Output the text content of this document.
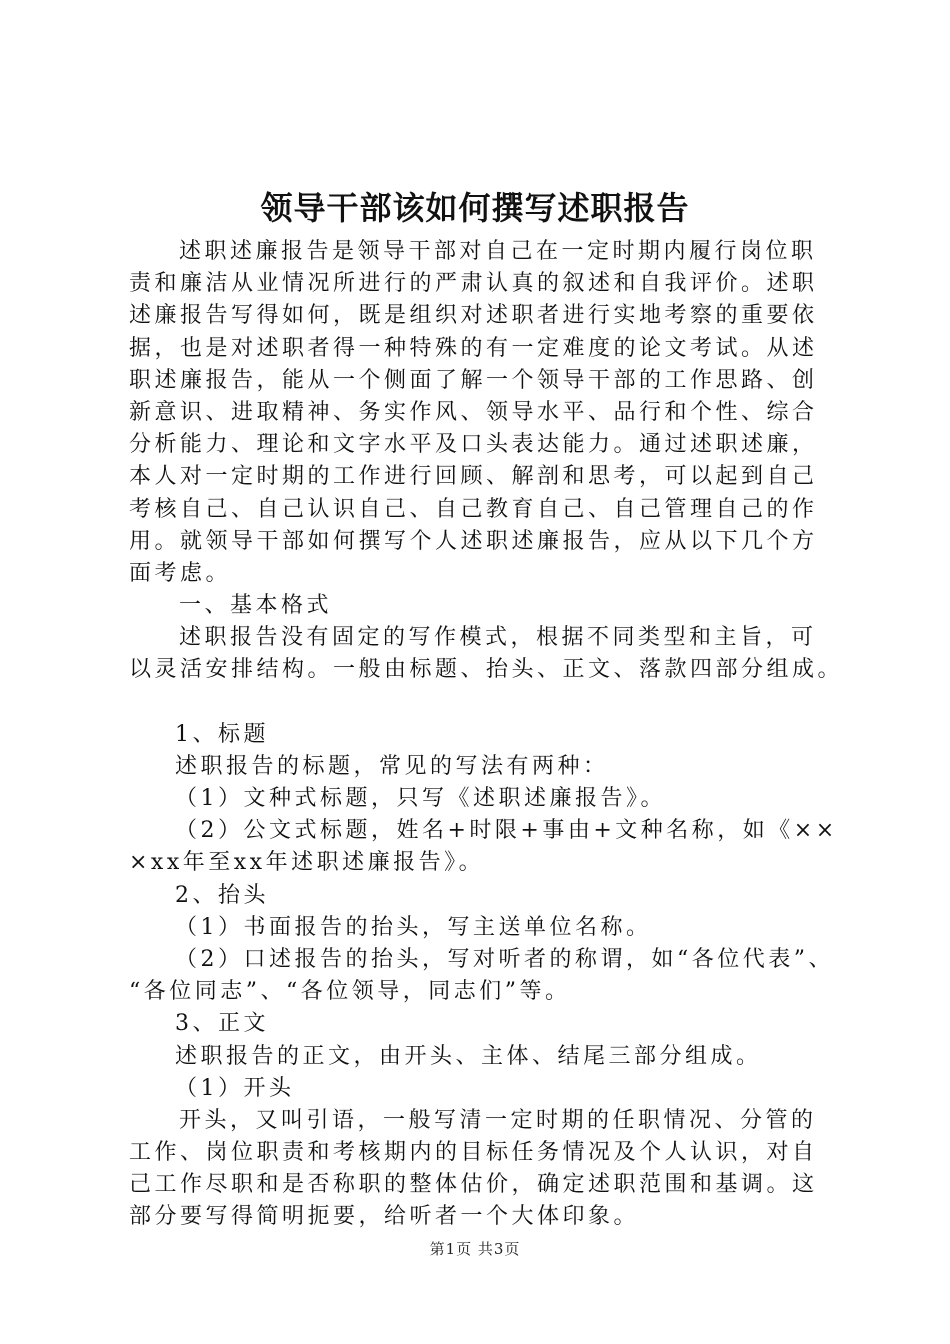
领导干部该如何撰写述职报告
述职述廉报告是领导干部对自己在一定时期内履行岗位职
责和廉洁从业情况所进行的严肃认真的叙述和自我评价。述职
述廉报告写得如何，既是组织对述职者进行实地考察的重要依
据，也是对述职者得一种特殊的有一定难度的论文考试。从述
职述廉报告，能从一个侧面了解一个领导干部的工作思路、创
新意识、进取精神、务实作风、领导水平、品行和个性、综合
分析能力、理论和文字水平及口头表达能力。通过述职述廉，
本人对一定时期的工作进行回顾、解剖和思考，可以起到自己
考核自己、自己认识自己、自己教育自己、自己管理自己的作
用。就领导干部如何撰写个人述职述廉报告，应从以下几个方
面考虑。
一、基本格式
述职报告没有固定的写作模式，根据不同类型和主旨，可
以灵活安排结构。一般由标题、抬头、正文、落款四部分组成。
1、标题
述职报告的标题，常见的写法有两种：
（1）文种式标题，只写《述职述廉报告》。
（2）公文式标题，姓名+时限+事由+文种名称，如《××
×xx年至xx年述职述廉报告》。
2、抬头
（1）书面报告的抬头，写主送单位名称。
（2）口述报告的抬头，写对听者的称谓，如“各位代表”、
“各位同志”、“各位领导，同志们”等。
3、正文
述职报告的正文，由开头、主体、结尾三部分组成。
（1）开头
开头，又叫引语，一般写清一定时期的任职情况、分管的
工作、岗位职责和考核期内的目标任务情况及个人认识，对自
己工作尽职和是否称职的整体估价，确定述职范围和基调。这
部分要写得简明扼要，给听者一个大体印象。
第1页 共3页
